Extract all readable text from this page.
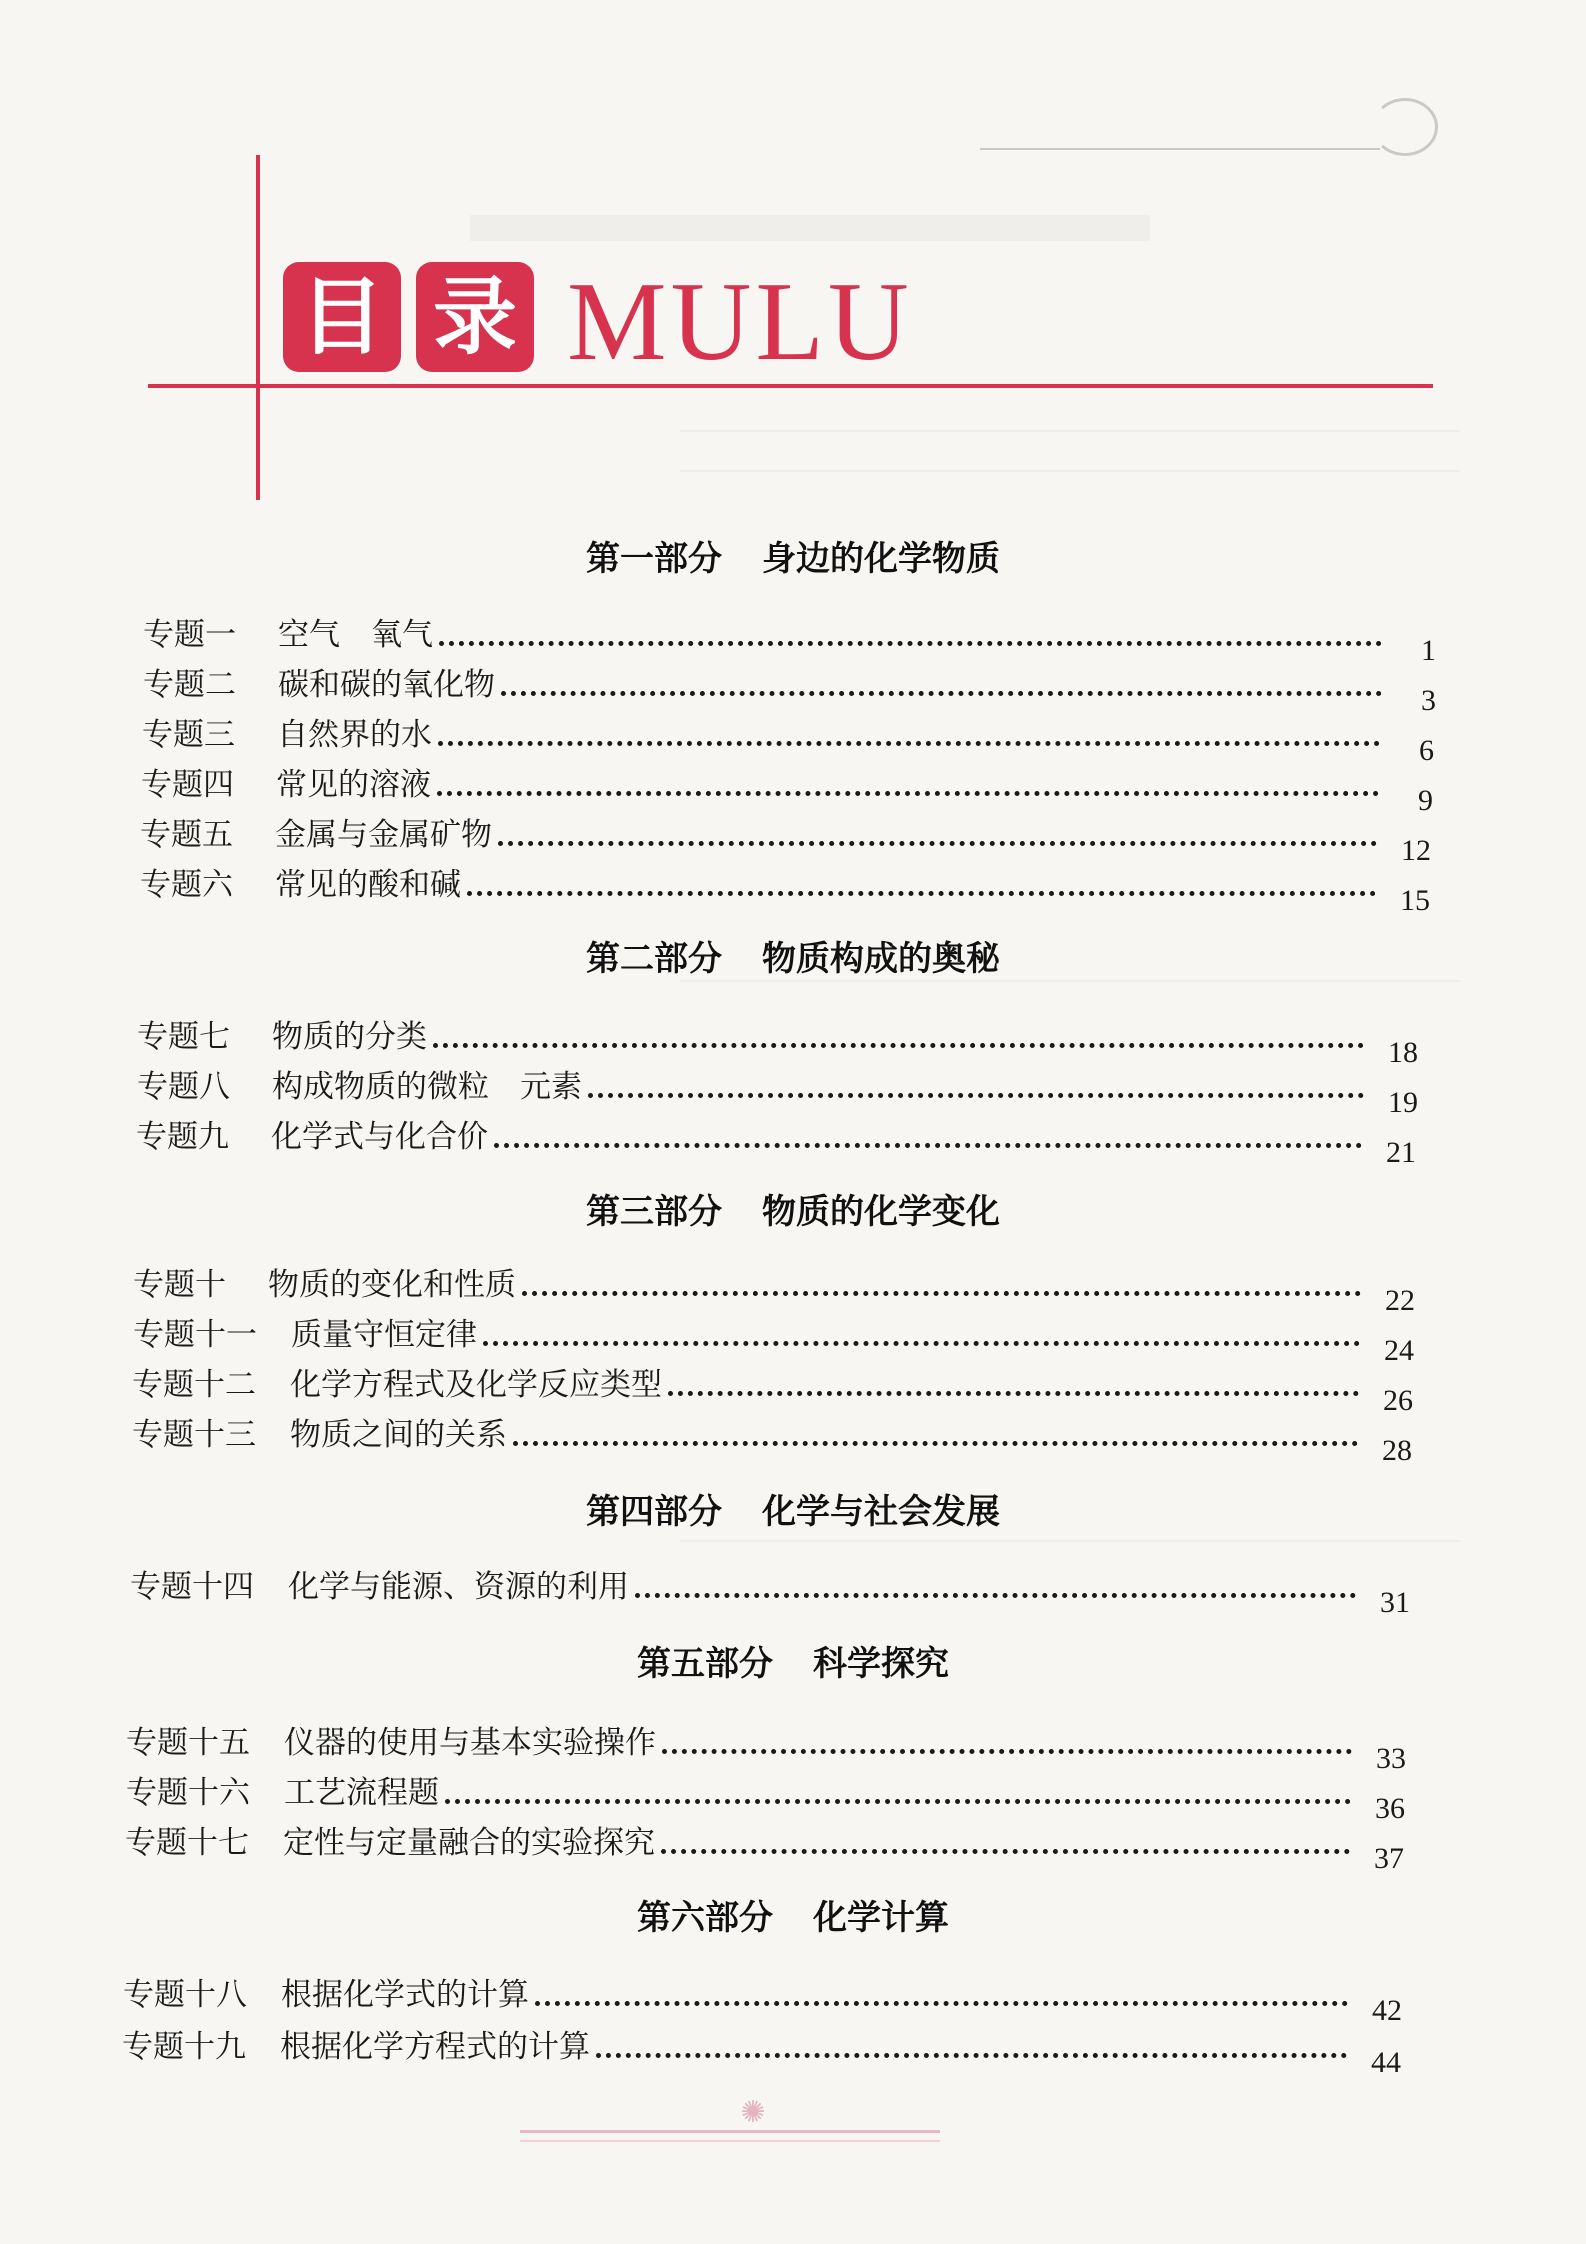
目 录 MULU
第一部分 身边的化学物质
专题一	空气　氧气	1
专题二	碳和碳的氧化物	3
专题三	自然界的水	6
专题四	常见的溶液	9
专题五	金属与金属矿物	12
专题六	常见的酸和碱	15
第二部分 物质构成的奥秘
专题七	物质的分类	18
专题八	构成物质的微粒　元素	19
专题九	化学式与化合价	21
第三部分 物质的化学变化
专题十	物质的变化和性质	22
专题十一	质量守恒定律	24
专题十二	化学方程式及化学反应类型	26
专题十三	物质之间的关系	28
第四部分 化学与社会发展
专题十四	化学与能源、资源的利用	31
第五部分 科学探究
专题十五	仪器的使用与基本实验操作	33
专题十六	工艺流程题	36
专题十七	定性与定量融合的实验探究	37
第六部分 化学计算
专题十八	根据化学式的计算	42
专题十九	根据化学方程式的计算	44
✺
